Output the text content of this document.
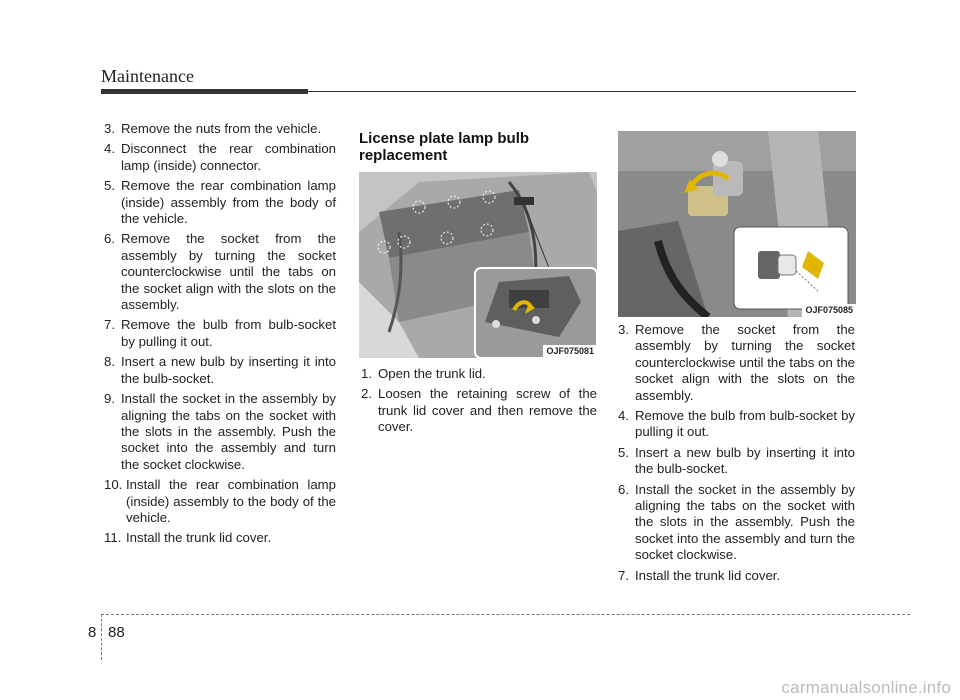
Maintenance
3. Remove the nuts from the vehicle.
4. Disconnect the rear combination lamp (inside) connector.
5. Remove the rear combination lamp (inside) assembly from the body of the vehicle.
6. Remove the socket from the assembly by turning the socket counterclockwise until the tabs on the socket align with the slots on the assembly.
7. Remove the bulb from bulb-socket by pulling it out.
8. Insert a new bulb by inserting it into the bulb-socket.
9. Install the socket in the assembly by aligning the tabs on the socket with the slots in the assembly. Push the socket into the assembly and turn the socket clockwise.
10. Install the rear combination lamp (inside) assembly to the body of the vehicle.
11. Install the trunk lid cover.
License plate lamp bulb replacement
OJF075081
1. Open the trunk lid.
2. Loosen the retaining screw of the trunk lid cover and then remove the cover.
OJF075085
3. Remove the socket from the assembly by turning the socket counterclockwise until the tabs on the socket align with the slots on the assembly.
4. Remove the bulb from bulb-socket by pulling it out.
5. Insert a new bulb by inserting it into the bulb-socket.
6. Install the socket in the assembly by aligning the tabs on the socket with the slots in the assembly. Push the socket into the assembly and turn the socket clockwise.
7. Install the trunk lid cover.
8 88
carmanualsonline.info
